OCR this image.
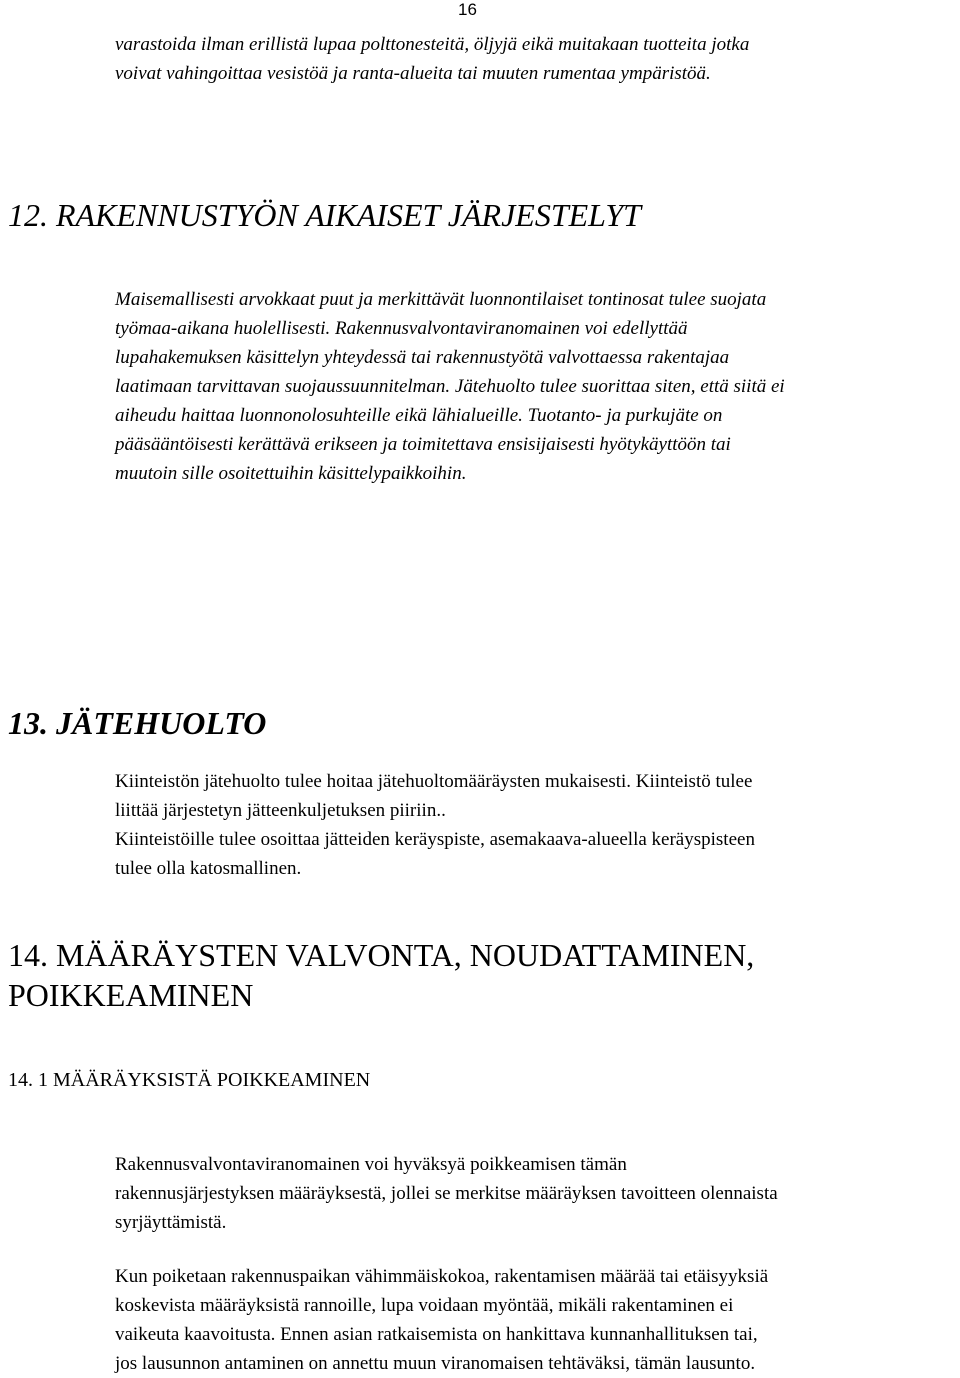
16

varastoida ilman erillistä lupaa polttonesteitä, öljyjä eikä muitakaan tuotteita jotka
voivat vahingoittaa vesistöä ja ranta-alueita tai muuten rumentaa ympäristöä.

12. RAKENNUSTYÖN AIKAISET JÄRJESTELYT

Maisemallisesti arvokkaat puut ja merkittävät luonnontilaiset tontinosat tulee suojata
työmaa-aikana huolellisesti. Rakennusvalvontaviranomainen voi edellyttää
lupahakemuksen käsittelyn yhteydessä tai rakennustyötä valvottaessa rakentajaa
laatimaan tarvittavan suojaussuunnitelman. Jätehuolto tulee suorittaa siten, että siitä ei
aiheudu haittaa luonnonolosuhteille eikä lähialueille. Tuotanto- ja purkujäte on
pääsääntöisesti kerättävä erikseen ja toimitettava ensisijaisesti hyötykäyttöön tai
muutoin sille osoitettuihin käsittelypaikkoihin.

13. JÄTEHUOLTO

Kiinteistön jätehuolto tulee hoitaa jätehuoltomääräysten mukaisesti. Kiinteistö tulee
liittää järjestetyn jätteenkuljetuksen piiriin..
Kiinteistöille tulee osoittaa jätteiden keräyspiste, asemakaava-alueella keräyspisteen
tulee olla katosmallinen.

14. MÄÄRÄYSTEN VALVONTA, NOUDATTAMINEN,
POIKKEAMINEN
14. 1 MÄÄRÄYKSISTÄ POIKKEAMINEN

Rakennusvalvontaviranomainen voi hyväksyä poikkeamisen tämän
rakennusjärjestyksen määräyksestä, jollei se merkitse määräyksen tavoitteen olennaista
syrjäyttämistä.

Kun poiketaan rakennuspaikan vähimmäiskokoa, rakentamisen määrää tai etäisyyksiä
koskevista määräyksistä rannoille, lupa voidaan myöntää, mikäli rakentaminen ei
vaikeuta kaavoitusta. Ennen asian ratkaisemista on hankittava kunnanhallituksen tai,
jos lausunnon antaminen on annettu muun viranomaisen tehtäväksi, tämän lausunto.
